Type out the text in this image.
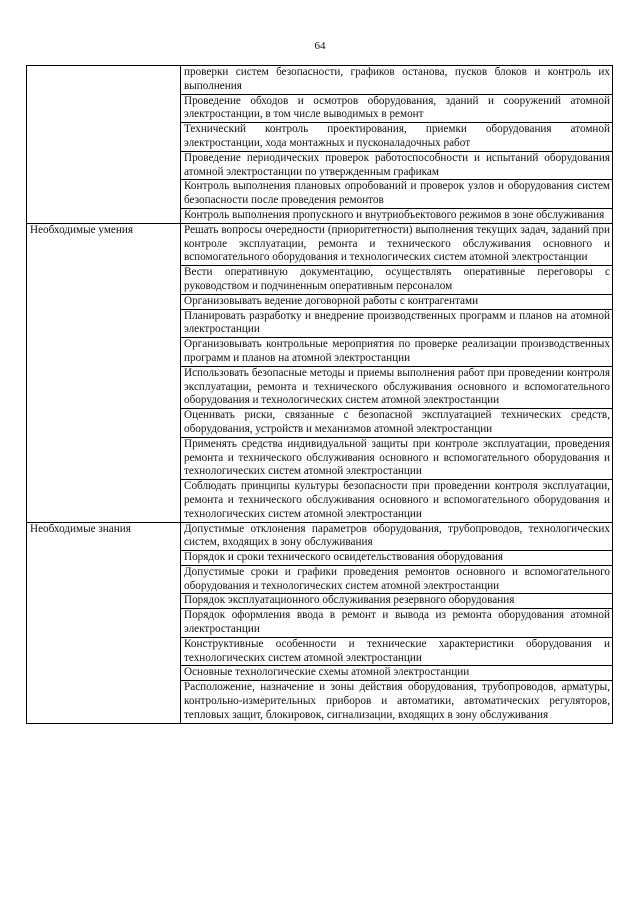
64
	проверки систем безопасности, графиков останова, пусков блоков и контроль их выполнения
	Проведение обходов и осмотров оборудования, зданий и сооружений атомной электростанции, в том числе выводимых в ремонт
	Технический контроль проектирования, приемки оборудования атомной электростанции, хода монтажных и пусконаладочных работ
	Проведение периодических проверок работоспособности и испытаний оборудования атомной электростанции по утвержденным графикам
	Контроль выполнения плановых опробований и проверок узлов и оборудования систем безопасности после проведения ремонтов
	Контроль выполнения пропускного и внутриобъектового режимов в зоне обслуживания
Необходимые умения	Решать вопросы очередности (приоритетности) выполнения текущих задач, заданий при контроле эксплуатации, ремонта и технического обслуживания основного и вспомогательного оборудования и технологических систем атомной электростанции
	Вести оперативную документацию, осуществлять оперативные переговоры с руководством и подчиненным оперативным персоналом
	Организовывать ведение договорной работы с контрагентами
	Планировать разработку и внедрение производственных программ и планов на атомной электростанции
	Организовывать контрольные мероприятия по проверке реализации производственных программ и планов на атомной электростанции
	Использовать безопасные методы и приемы выполнения работ при проведении контроля эксплуатации, ремонта и технического обслуживания основного и вспомогательного оборудования и технологических систем атомной электростанции
	Оценивать риски, связанные с безопасной эксплуатацией технических средств, оборудования, устройств и механизмов атомной электростанции
	Применять средства индивидуальной защиты при контроле эксплуатации, проведения ремонта и технического обслуживания основного и вспомогательного оборудования и технологических систем атомной электростанции
	Соблюдать принципы культуры безопасности при проведении контроля эксплуатации, ремонта и технического обслуживания основного и вспомогательного оборудования и технологических систем атомной электростанции
Необходимые знания	Допустимые отклонения параметров оборудования, трубопроводов, технологических систем, входящих в зону обслуживания
	Порядок и сроки технического освидетельствования оборудования
	Допустимые сроки и графики проведения ремонтов основного и вспомогательного оборудования и технологических систем атомной электростанции
	Порядок эксплуатационного обслуживания резервного оборудования
	Порядок оформления ввода в ремонт и вывода из ремонта оборудования атомной электростанции
	Конструктивные особенности и технические характеристики оборудования и технологических систем атомной электростанции
	Основные технологические схемы атомной электростанции
	Расположение, назначение и зоны действия оборудования, трубопроводов, арматуры, контрольно-измерительных приборов и автоматики, автоматических регуляторов, тепловых защит, блокировок, сигнализации, входящих в зону обслуживания
